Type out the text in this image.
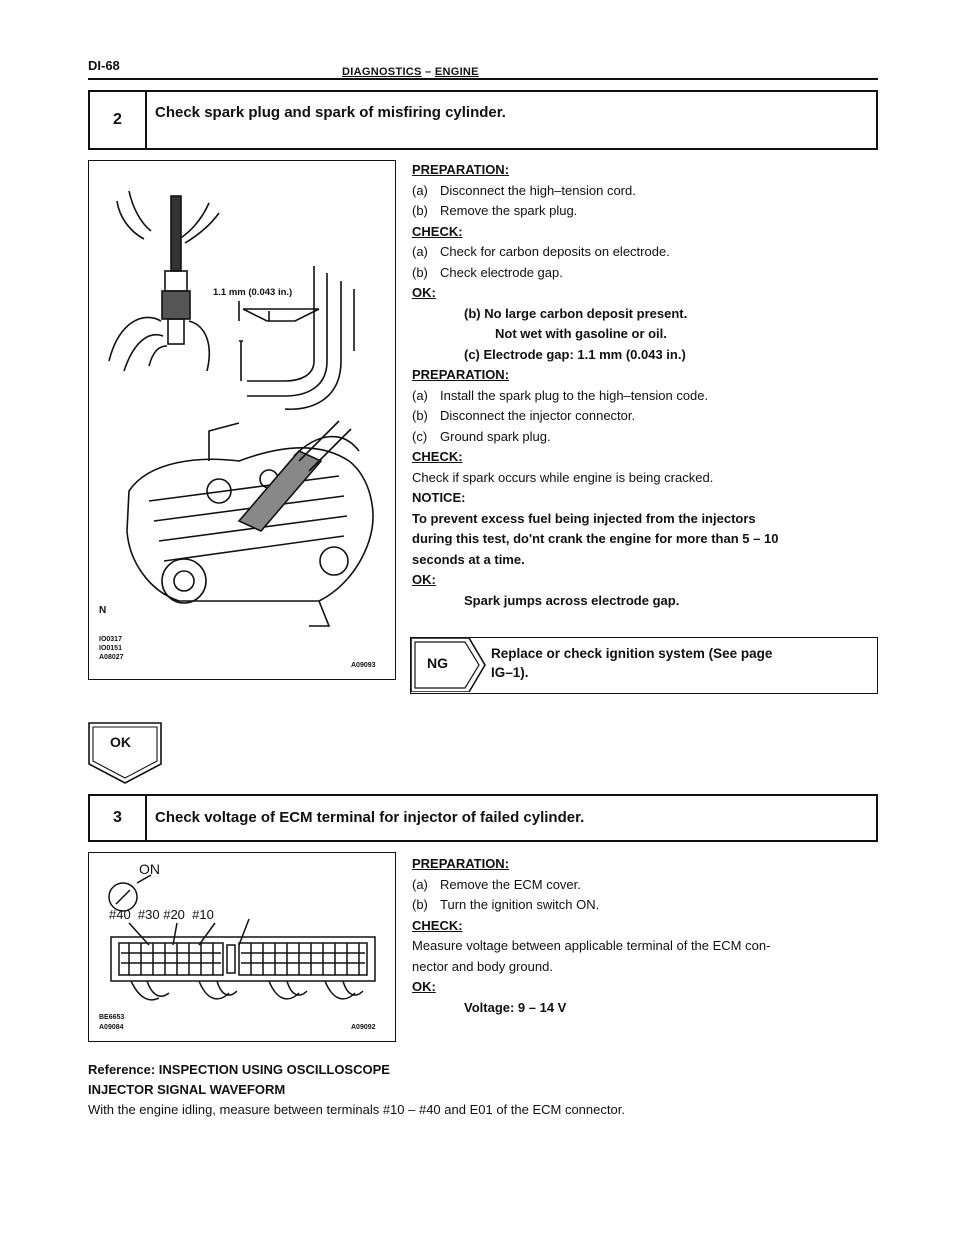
DI-68	DIAGNOSTICS – ENGINE
2	Check spark plug and spark of misfiring cylinder.
1.1 mm (0.043 in.)
N
IO0317
IO0151
A08027
A09093
PREPARATION:
(a) Disconnect the high–tension cord.
(b) Remove the spark plug.
CHECK:
(a) Check for carbon deposits on electrode.
(b) Check electrode gap.
OK:
(b) No large carbon deposit present.
Not wet with gasoline or oil.
(c) Electrode gap: 1.1 mm (0.043 in.)
PREPARATION:
(a) Install the spark plug to the high–tension code.
(b) Disconnect the injector connector.
(c) Ground spark plug.
CHECK:
Check if spark occurs while engine is being cracked.
NOTICE:
To prevent excess fuel being injected from the injectors
during this test, do'nt crank the engine for more than 5 – 10
seconds at a time.
OK:
Spark jumps across electrode gap.
NG
Replace or check ignition system (See page
IG–1).
OK
3	Check voltage of ECM terminal for injector of failed cylinder.
ON
#40  #30 #20  #10
BE6653
A09084	A09092
PREPARATION:
(a) Remove the ECM cover.
(b) Turn the ignition switch ON.
CHECK:
Measure voltage between applicable terminal of the ECM con-
nector and body ground.
OK:
Voltage: 9 – 14 V
Reference: INSPECTION USING OSCILLOSCOPE
INJECTOR SIGNAL WAVEFORM
With the engine idling, measure between terminals #10 – #40 and E01 of the ECM connector.
